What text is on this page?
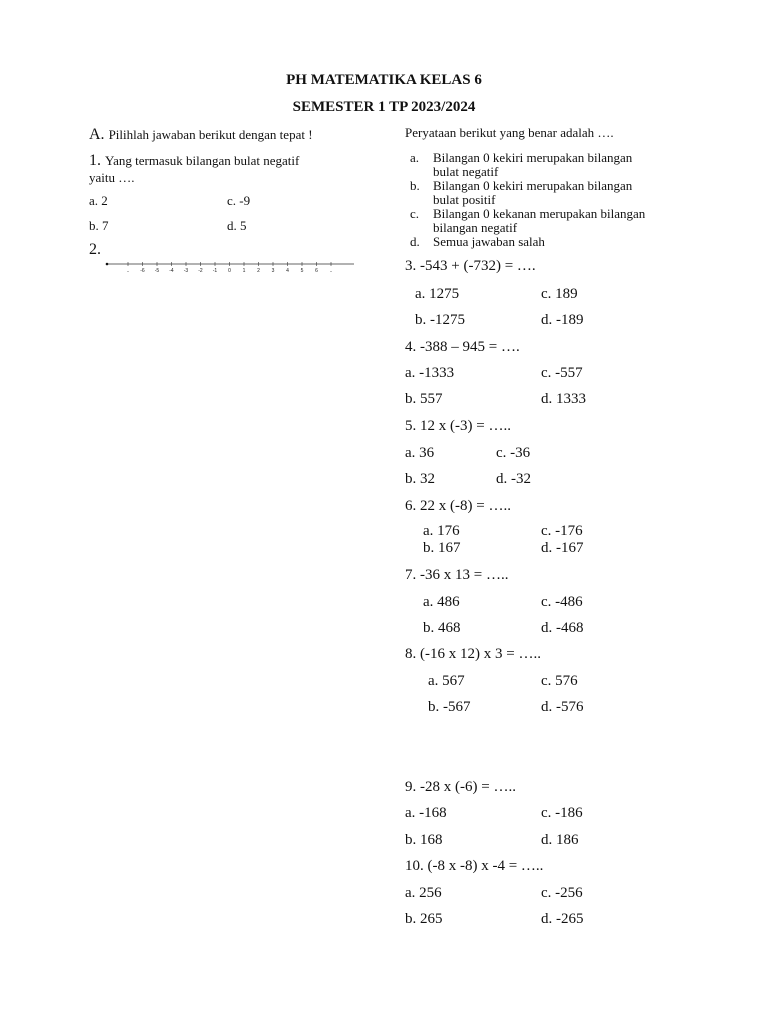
PH MATEMATIKA KELAS 6
SEMESTER 1 TP 2023/2024
A. Pilihlah jawaban berikut dengan tepat !
1. Yang termasuk bilangan bulat negatif
yaitu ….
a. 2	c. -9
b. 7	d. 5
2.
.. -6 -5 -4 -3 -2 -1 0 1 2 3 4 5 6 ..
Peryataan berikut yang benar adalah ….
a. Bilangan 0 kekiri merupakan bilangan
bulat negatif
b. Bilangan 0 kekiri merupakan bilangan
bulat positif
c. Bilangan 0 kekanan merupakan bilangan
bilangan negatif
d. Semua jawaban salah
3. -543 + (-732) = ….
a. 1275	c. 189
b. -1275	d. -189
4. -388 – 945 = ….
a. -1333	c. -557
b. 557	d. 1333
5. 12 x (-3) = …..
a. 36	c. -36
b. 32	d. -32
6. 22 x (-8) = …..
a. 176	c. -176
b. 167	d. -167
7. -36 x 13 = …..
a. 486	c. -486
b. 468	d. -468
8. (-16 x 12) x 3 = …..
a. 567	c. 576
b. -567	d. -576
9. -28 x (-6) = …..
a. -168	c. -186
b. 168	d. 186
10. (-8 x -8) x -4 = …..
a. 256	c. -256
b. 265	d. -265
